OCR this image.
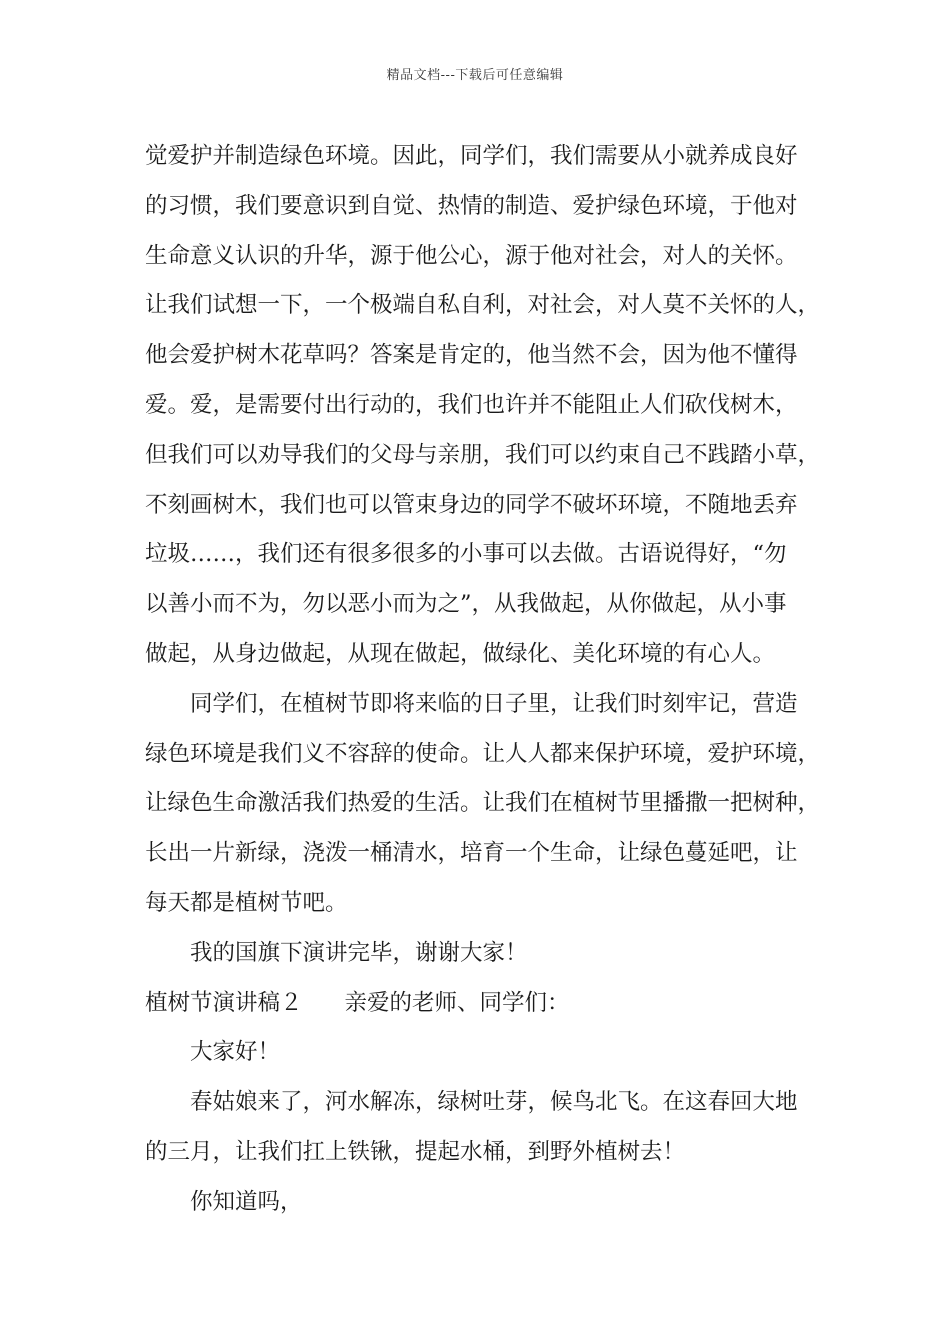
精品文档---下载后可任意编辑
觉爱护并制造绿色环境。因此，同学们，我们需要从小就养成良好
的习惯，我们要意识到自觉、热情的制造、爱护绿色环境，于他对
生命意义认识的升华，源于他公心，源于他对社会，对人的关怀。
让我们试想一下，一个极端自私自利，对社会，对人莫不关怀的人，
他会爱护树木花草吗？答案是肯定的，他当然不会，因为他不懂得
爱。爱，是需要付出行动的，我们也许并不能阻止人们砍伐树木，
但我们可以劝导我们的父母与亲朋，我们可以约束自己不践踏小草，
不刻画树木，我们也可以管束身边的同学不破坏环境，不随地丢弃
垃圾……，我们还有很多很多的小事可以去做。古语说得好，“勿
以善小而不为，勿以恶小而为之”，从我做起，从你做起，从小事
做起，从身边做起，从现在做起，做绿化、美化环境的有心人。
同学们，在植树节即将来临的日子里，让我们时刻牢记，营造
绿色环境是我们义不容辞的使命。让人人都来保护环境，爱护环境，
让绿色生命激活我们热爱的生活。让我们在植树节里播撒一把树种，
长出一片新绿，浇泼一桶清水，培育一个生命，让绿色蔓延吧，让
每天都是植树节吧。
我的国旗下演讲完毕，谢谢大家！
植树节演讲稿２ 亲爱的老师、同学们：
大家好！
春姑娘来了，河水解冻，绿树吐芽，候鸟北飞。在这春回大地
的三月，让我们扛上铁锹，提起水桶，到野外植树去！
你知道吗，
